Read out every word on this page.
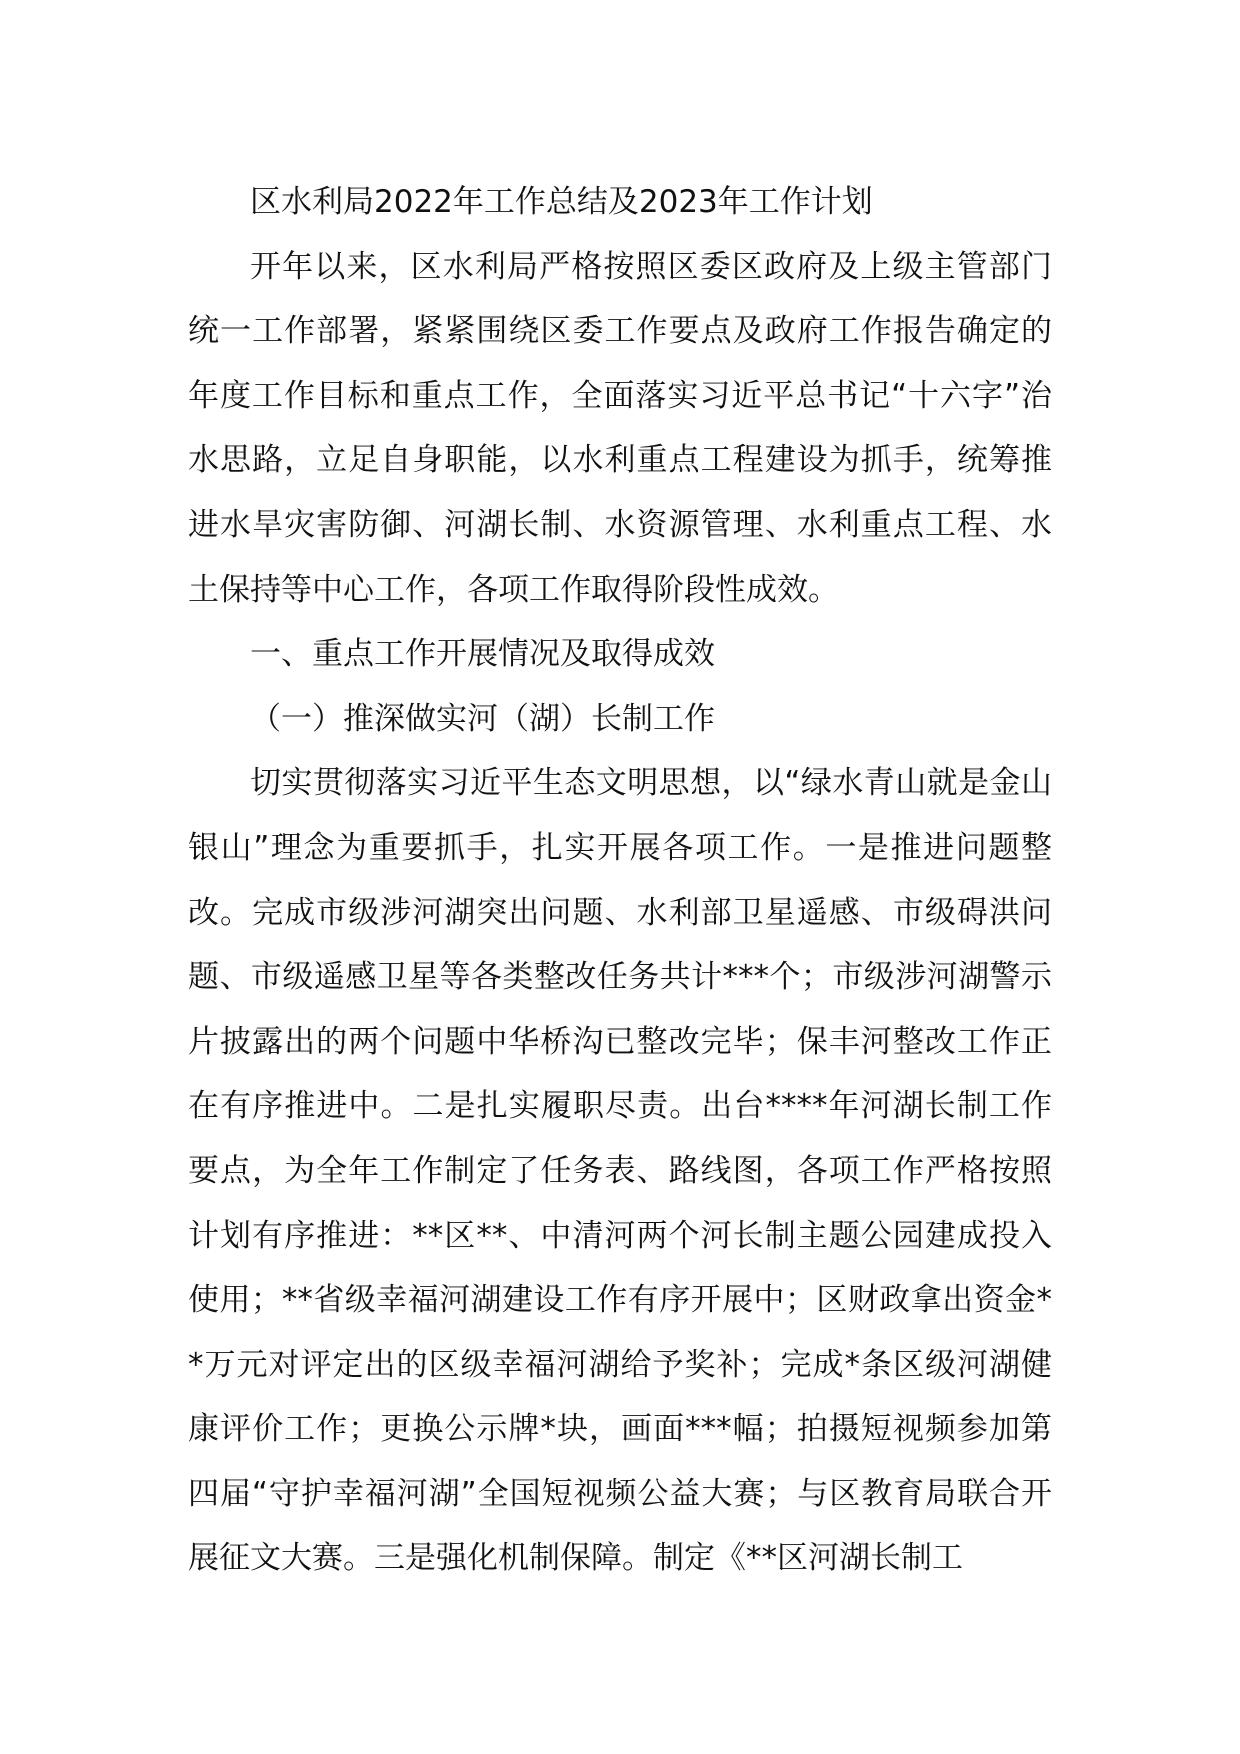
区水利局2022年工作总结及2023年工作计划

开年以来，区水利局严格按照区委区政府及上级主管部门统一工作部署，紧紧围绕区委工作要点及政府工作报告确定的年度工作目标和重点工作，全面落实习近平总书记“十六字”治水思路，立足自身职能，以水利重点工程建设为抓手，统筹推进水旱灾害防御、河湖长制、水资源管理、水利重点工程、水土保持等中心工作，各项工作取得阶段性成效。

一、重点工作开展情况及取得成效

（一）推深做实河（湖）长制工作

切实贯彻落实习近平生态文明思想，以“绿水青山就是金山银山”理念为重要抓手，扎实开展各项工作。一是推进问题整改。完成市级涉河湖突出问题、水利部卫星遥感、市级碍洪问题、市级遥感卫星等各类整改任务共计***个；市级涉河湖警示片披露出的两个问题中华桥沟已整改完毕；保丰河整改工作正在有序推进中。二是扎实履职尽责。出台****年河湖长制工作要点，为全年工作制定了任务表、路线图，各项工作严格按照计划有序推进：**区**、中清河两个河长制主题公园建成投入使用；**省级幸福河湖建设工作有序开展中；区财政拿出资金**万元对评定出的区级幸福河湖给予奖补；完成*条区级河湖健康评价工作；更换公示牌*块，画面***幅；拍摄短视频参加第四届“守护幸福河湖”全国短视频公益大赛；与区教育局联合开展征文大赛。三是强化机制保障。制定《**区河湖长制工
